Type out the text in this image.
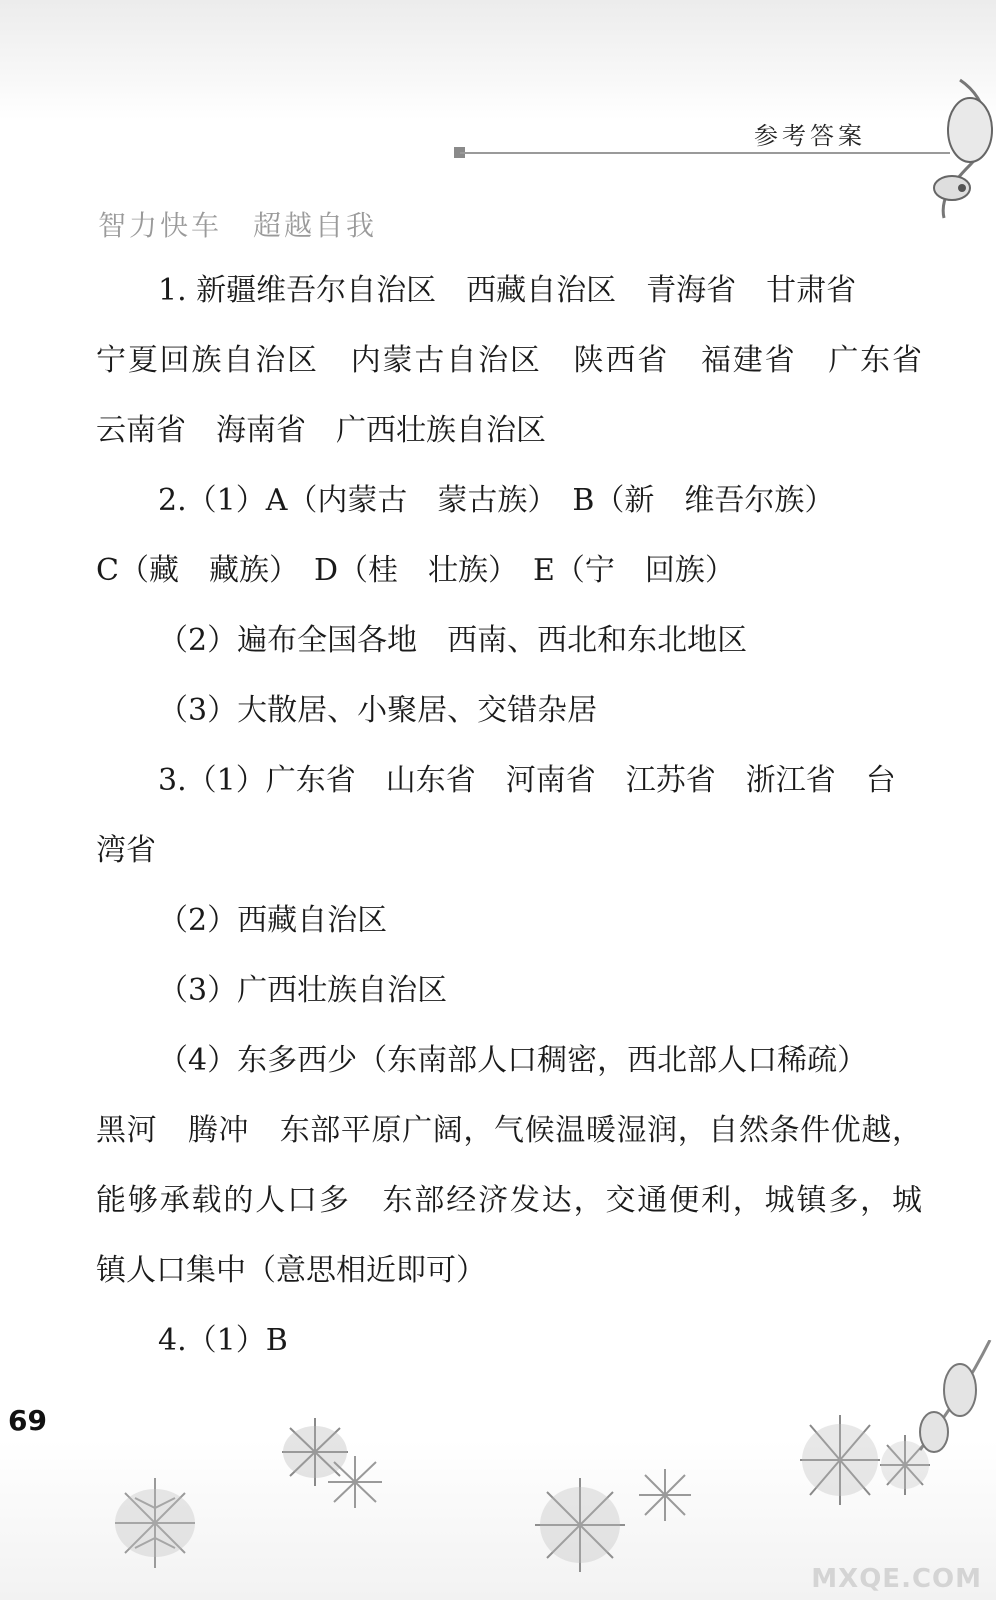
参考答案
智力快车　超越自我
1. 新疆维吾尔自治区　西藏自治区　青海省　甘肃省
宁夏回族自治区　内蒙古自治区　陕西省　福建省　广东省
云南省　海南省　广西壮族自治区
2.（1）A（内蒙古　蒙古族）　B（新　维吾尔族）
C（藏　藏族）　D（桂　壮族）　E（宁　回族）
（2）遍布全国各地　西南、西北和东北地区
（3）大散居、小聚居、交错杂居
3.（1）广东省　山东省　河南省　江苏省　浙江省　台
湾省
（2）西藏自治区
（3）广西壮族自治区
（4）东多西少（东南部人口稠密，西北部人口稀疏）
黑河　腾冲　东部平原广阔，气候温暖湿润，自然条件优越，
能够承载的人口多　东部经济发达，交通便利，城镇多，城
镇人口集中（意思相近即可）
4.（1）B
69
MXQE.COM
